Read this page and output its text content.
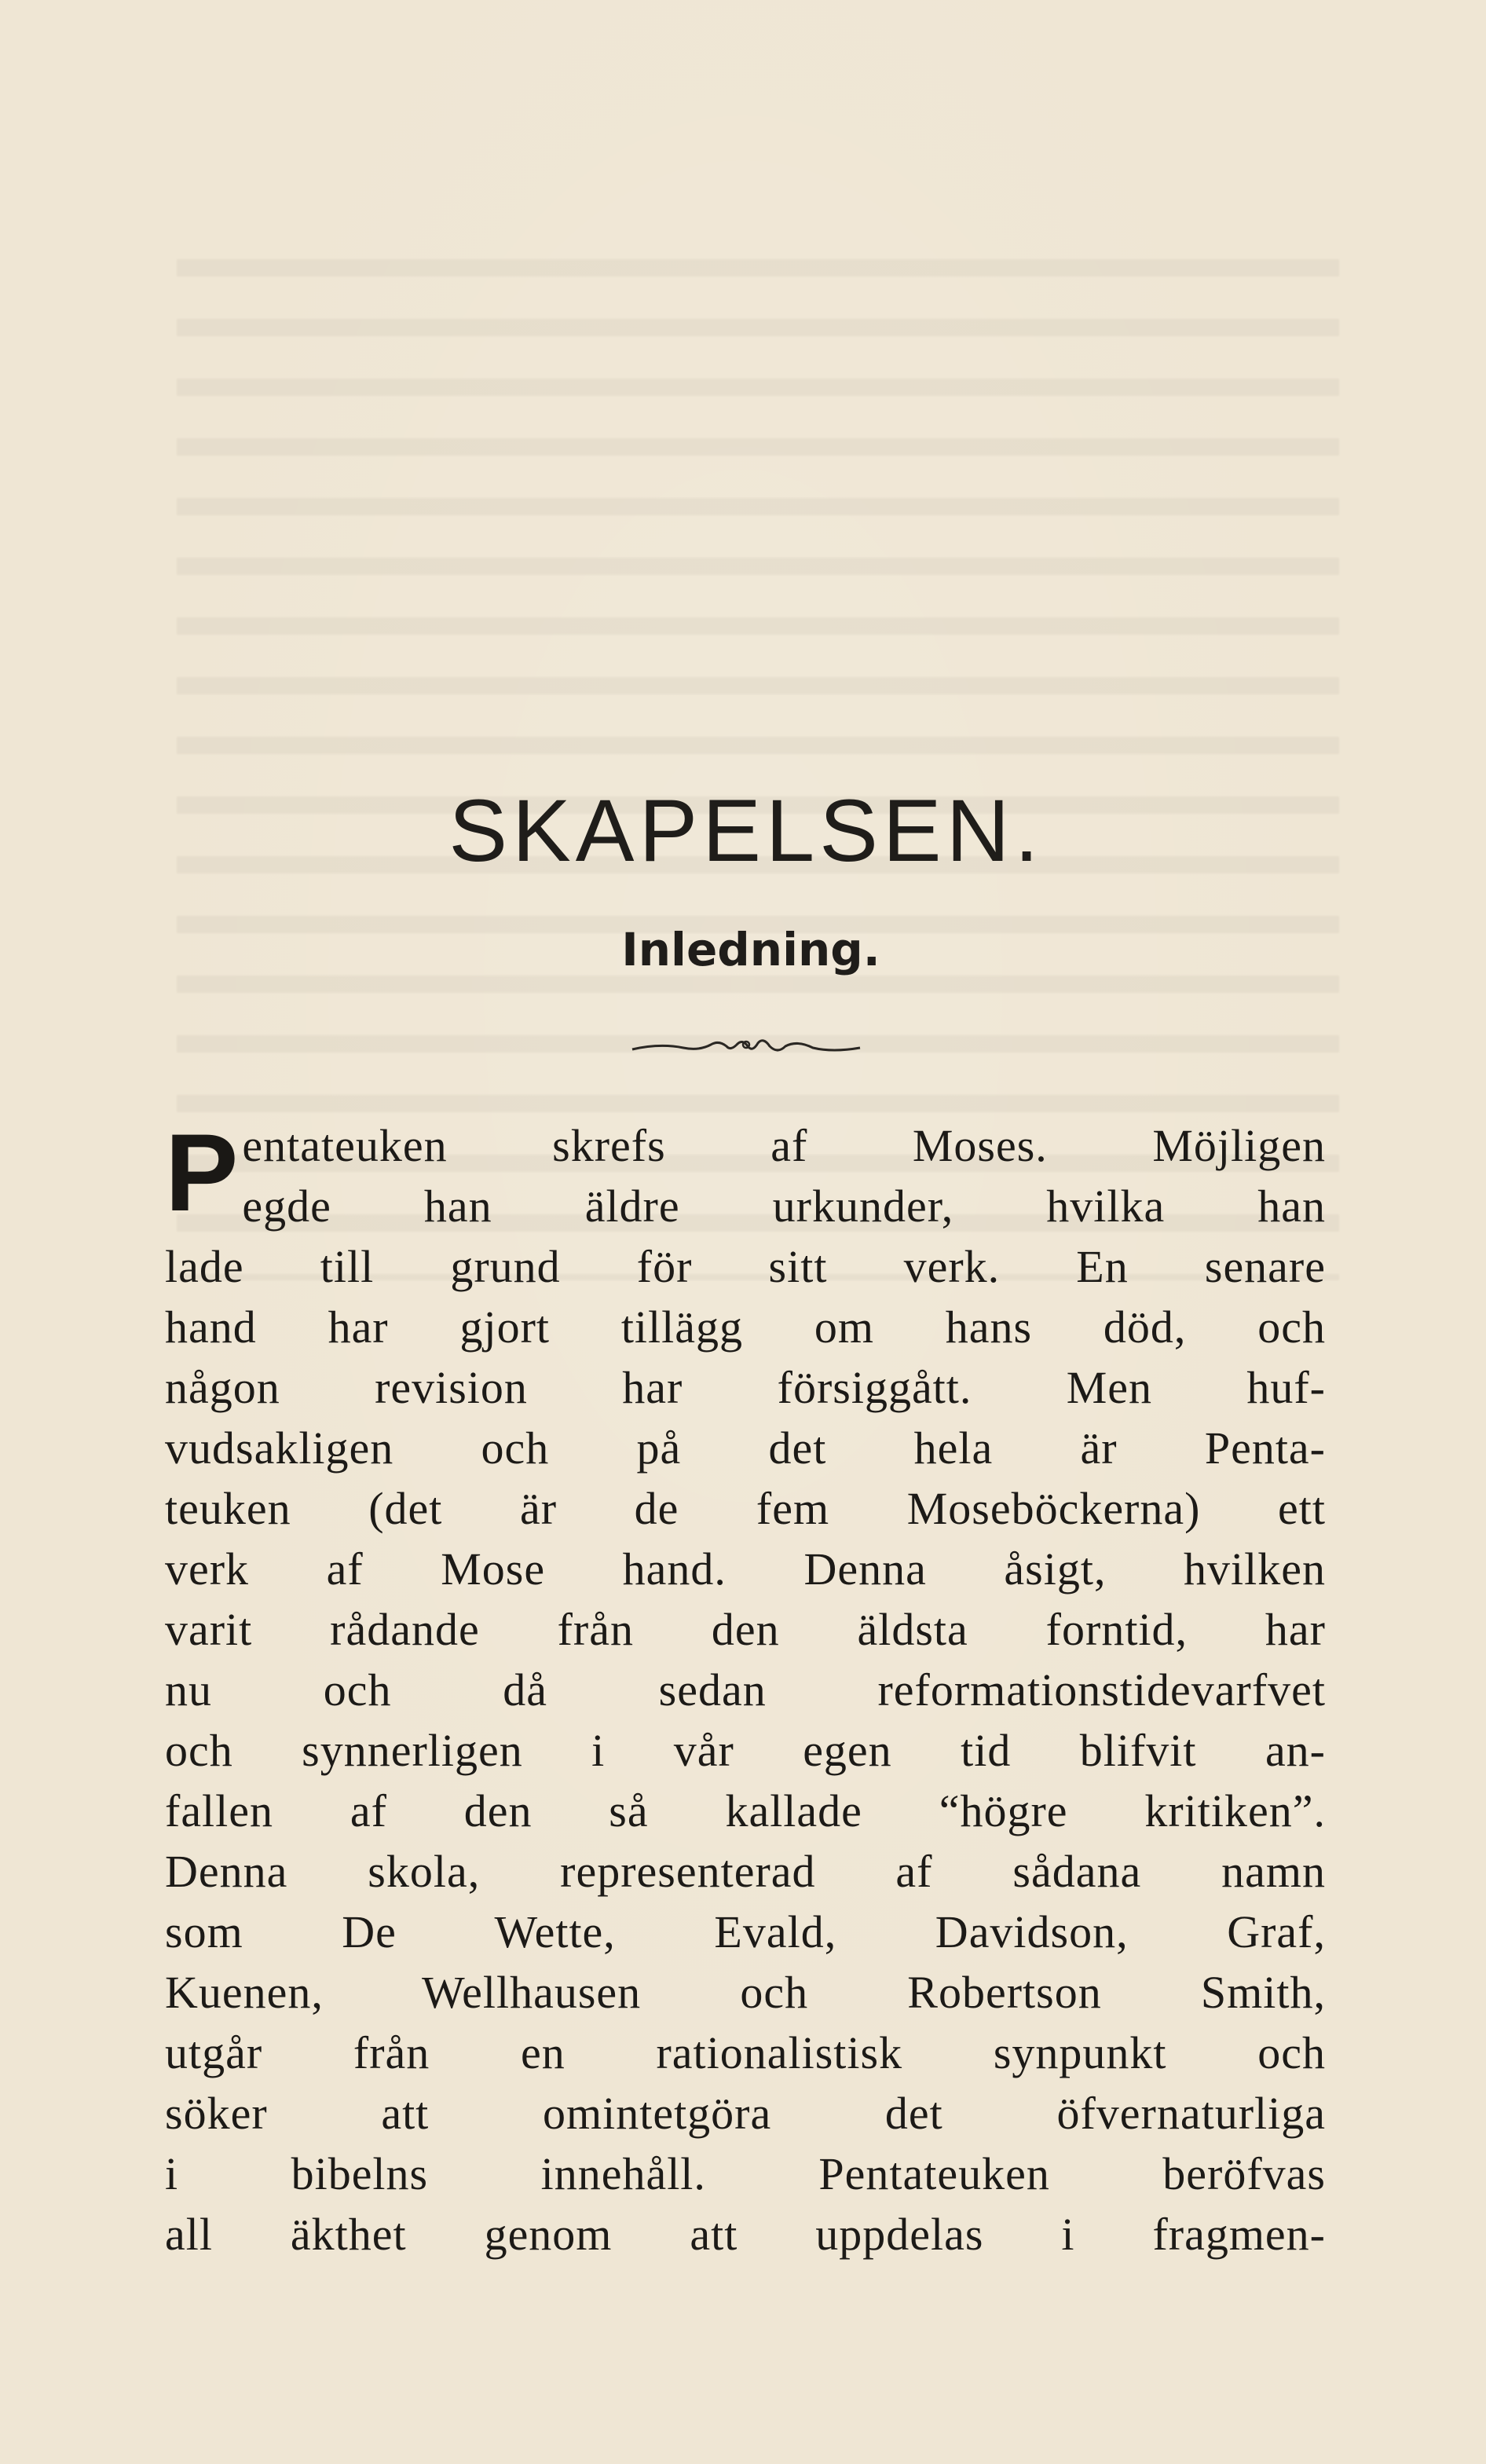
SKAPELSEN.
Inledning.
P entateuken skrefs af Moses. Möjligen
egde han äldre urkunder, hvilka han
lade till grund för sitt verk. En senare
hand har gjort tillägg om hans död, och
någon revision har försiggått. Men huf-
vudsakligen och på det hela är Penta-
teuken (det är de fem Moseböckerna) ett
verk af Mose hand. Denna åsigt, hvilken
varit rådande från den äldsta forntid, har
nu och då sedan reformationstidevarfvet
och synnerligen i vår egen tid blifvit an-
fallen af den så kallade “högre kritiken”.
Denna skola, representerad af sådana namn
som De Wette, Evald, Davidson, Graf,
Kuenen, Wellhausen och Robertson Smith,
utgår från en rationalistisk synpunkt och
söker att omintetgöra det öfvernaturliga
i bibelns innehåll. Pentateuken beröfvas
all äkthet genom att uppdelas i fragmen-
